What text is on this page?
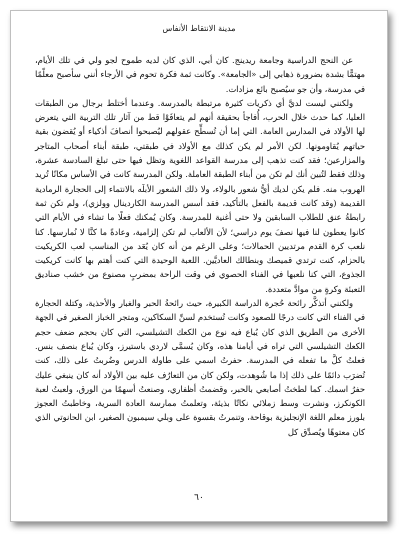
مدينة الانتقاط الأنفاس

عن النحج الدراسية وجامعة ريدينج. كان أبي، الذي كان لديه طموح لجو ولي في تلك الأيام، مهتمًّا بشدة بضرورة ذهابي إلى «الجامعة». وكانت ثمة فكرة تحوم في الأرجاء أنني سأصبح معلّمًا في مدرسة، وأن جو سيُصبح بائع مزادات.

ولكنني ليست لديَّ أي ذكريات كثيرة مرتبطة بالمدرسة. وعندما أختلط برجال من الطبقات العليا، كما حدث خلال الحرب، أُفاجأ بحقيقة أنهم لم يتعافَوْا قط من آثار تلك التربية التي يتعرض لها الأولاد في المدارس العامة. التي إما أن تُسطِّح عقولهم ليُصبحوا أنصافَ أذكياء أو يُقضون بقية حياتهم يُقاومونها. لكن الأمر لم يكن كذلك مع الأولاد في طبقتي، طبقة أبناء أصحاب المتاجر والمزارعين؛ فقد كنت تذهب إلى مدرسة القواعد اللغوية وتظل فيها حتى تبلغ السادسة عشرة، وذلك فقط لتُبين أنك لم تكن من أبناء الطبقة العاملة. ولكن المدرسة كانت في الأساس مكانًا تُريد الهروب منه. فلم يكن لديك أيُّ شعور بالولاء، ولا ذلك الشعور الأبلَه بالانتماء إلى الحجارة الرمادية القديمة (وقد كانت قديمة بالفعل بالتأكيد، فقد أسس المدرسة الكاردينال وولزي)، ولم تكن ثمة رابطةُ عنق للطلاب السابقين ولا حتى أغنية للمدرسة. وكان يُمكنك فعلًا ما تشاء في الأيام التي كانوا يعطون لنا فيها نصفَ يوم دراسي؛ لأن الألعاب لم تكن إلزامية، وعادةً ما كنَّا لا نُمارسها. كنا نلعب كرة القدم مرتديين الحمالات؛ وعلى الرغم من أنه كان يُعَد من المناسب لعب الكريكيت بالحزام، كنت ترتدي قميصك وبنطالك العاديَّين. اللعبة الوحيدة التي كنت أهتم بها كانت كريكيت الجذوع، التي كنا نلعبها في الفناء الحصوي في وقت الراحة بمضربٍ مصنوع من خشب صناديق التعبئة وكرةٍ من موادَّ متعددة.

ولكنني أتذكَّر رائحة حُجرة الدراسة الكبيرة، حيث رائحةُ الحبر والغبار والأحذية، وكتلة الحجارة في الفناء التي كانت درجًا للصعود وكانت تُستخدم لسنِّ السكاكين، ومتجر الخباز الصغير في الجهة الأخرى من الطريق الذي كان يُباع فيه نوع من الكعك التشيلسي، التي كان بحجم ضعف حجم الكعك التشيلسي التي تراه في أيامنا هذه، وكان يُسمَّى لاردي باستيرز، وكان يُباع بنصف بنس. فعلتُ كلَّ ما تفعله في المدرسة. حفرتُ اسمي على طاولة الدرس وضُربتُ على ذلك، كنت تُضرَب دائمًا على ذلك إذا ما شُوهدت، ولكن كان من التعارُف عليه بين الأولاد أنه كان ينبغي عليك حفرُ اسمك. كما لطختُ أصابعي بالحبر، وقضمتُ أظفاري، وصنعتُ أسهمًا من الورق، ولعبتُ لعبة الكونكرز، ونشرت وسط زملائي نكاتًا بذيئة، وتعلمتُ ممارسة العادة السرية، وخاطبتُ العجوز بلورز معلم اللغة الإنجليزية بوقاحة، وتنمرتُ بقسوة على وبلي سيمبون الصغير، ابن الحانوتي الذي كان معتوهًا ويُصدِّق كل

٦٠
